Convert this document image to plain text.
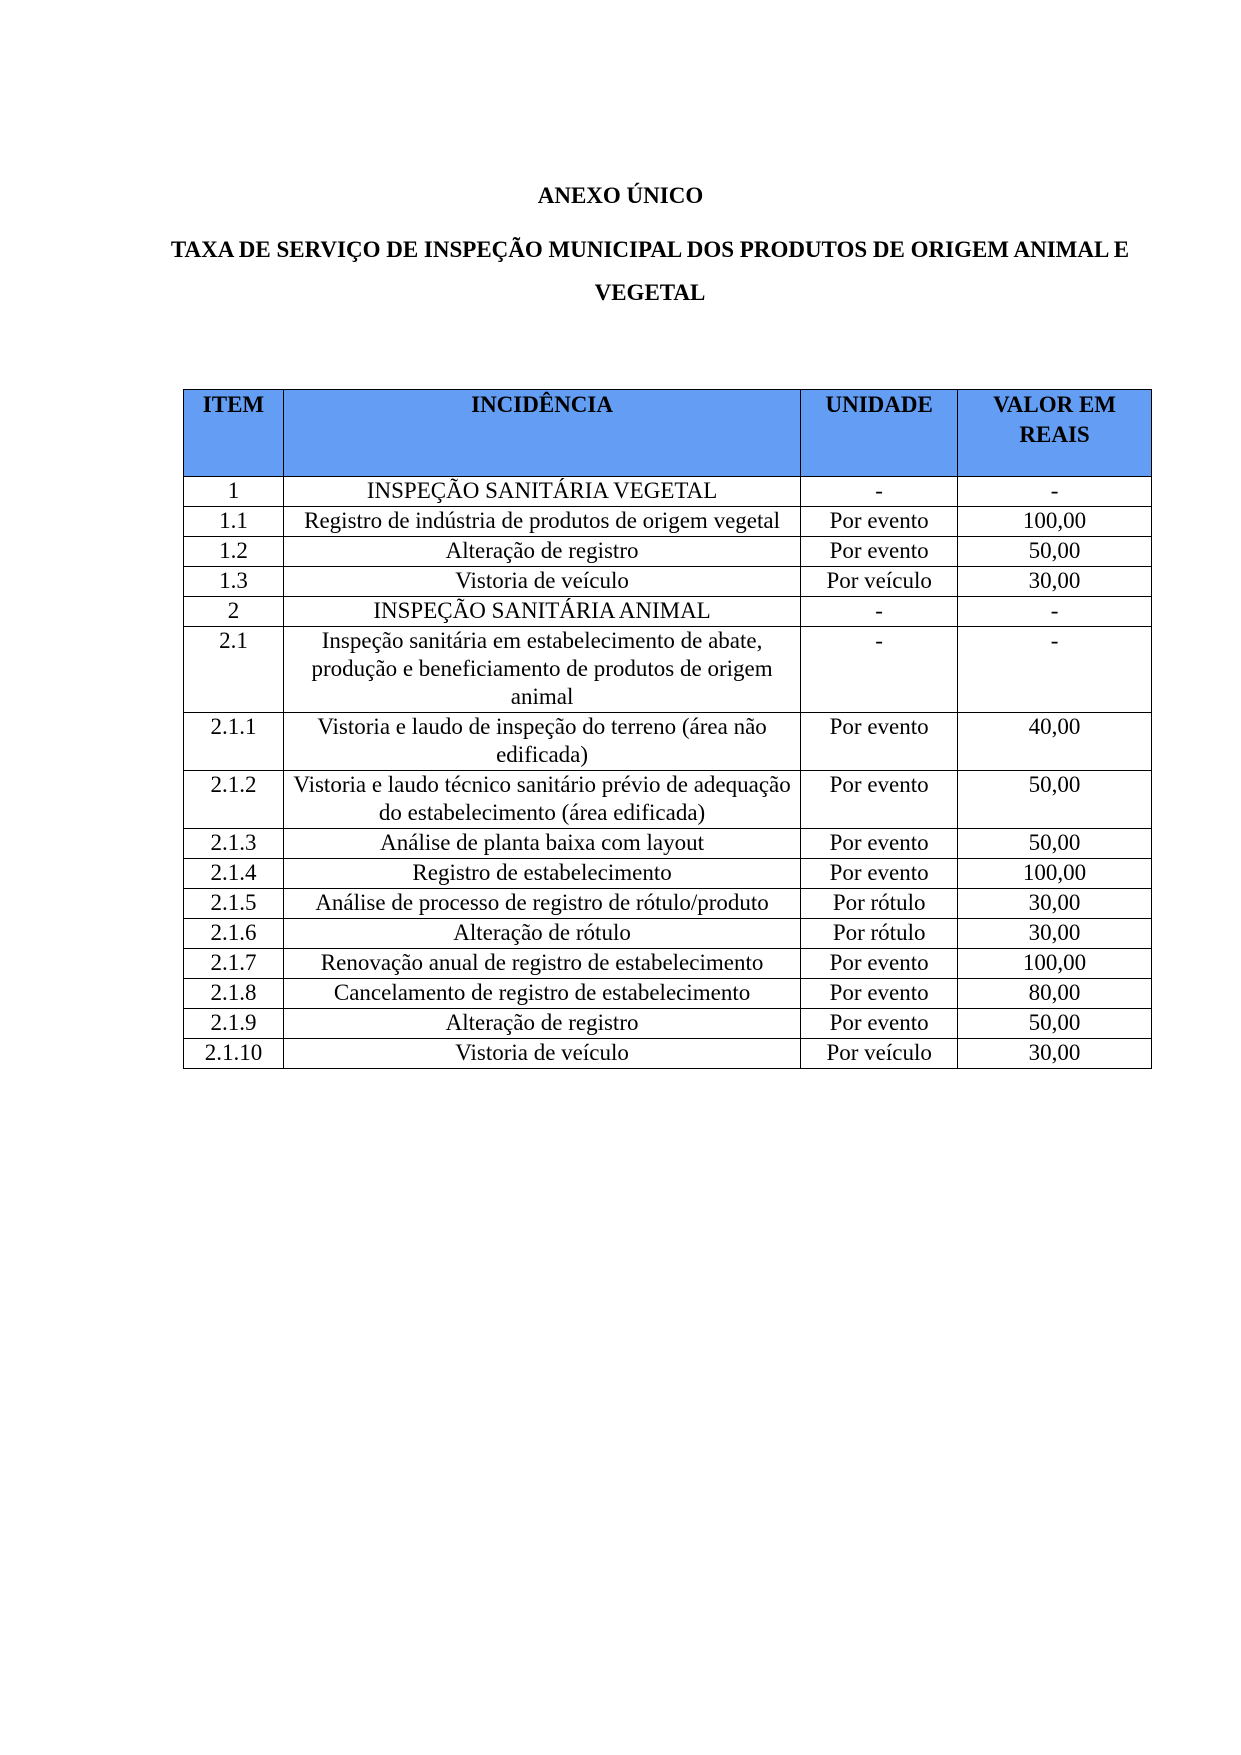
ANEXO ÚNICO
TAXA DE SERVIÇO DE INSPEÇÃO MUNICIPAL DOS PRODUTOS DE ORIGEM ANIMAL E VEGETAL
ITEM	INCIDÊNCIA	UNIDADE	VALOR EM REAIS
1	INSPEÇÃO SANITÁRIA VEGETAL	-	-
1.1	Registro de indústria de produtos de origem vegetal	Por evento	100,00
1.2	Alteração de registro	Por evento	50,00
1.3	Vistoria de veículo	Por veículo	30,00
2	INSPEÇÃO SANITÁRIA ANIMAL	-	-
2.1	Inspeção sanitária em estabelecimento de abate, produção e beneficiamento de produtos de origem animal	-	-
2.1.1	Vistoria e laudo de inspeção do terreno (área não edificada)	Por evento	40,00
2.1.2	Vistoria e laudo técnico sanitário prévio de adequação do estabelecimento (área edificada)	Por evento	50,00
2.1.3	Análise de planta baixa com layout	Por evento	50,00
2.1.4	Registro de estabelecimento	Por evento	100,00
2.1.5	Análise de processo de registro de rótulo/produto	Por rótulo	30,00
2.1.6	Alteração de rótulo	Por rótulo	30,00
2.1.7	Renovação anual de registro de estabelecimento	Por evento	100,00
2.1.8	Cancelamento de registro de estabelecimento	Por evento	80,00
2.1.9	Alteração de registro	Por evento	50,00
2.1.10	Vistoria de veículo	Por veículo	30,00
